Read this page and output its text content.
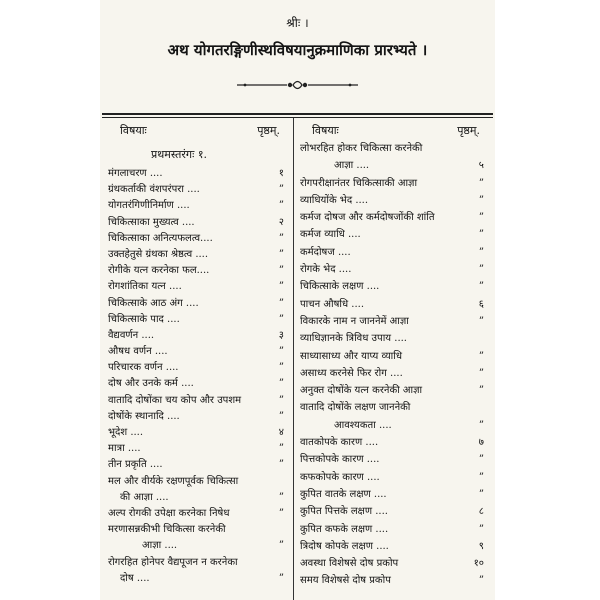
श्रीः ।
अथ योगतरङ्गिणीस्थविषयानुक्रमाणिका प्रारभ्यते ।
विषयाः	पृष्ठम्.
प्रथमस्तरंगः १.
मंगलाचरण ....	१
ग्रंथकर्ताकी वंशपरंपरा ....	”
योगतरंगिणीनिर्माण ....	”
चिकित्साका मुख्यत्व ....	२
चिकित्साका अनित्यफलत्व....	”
उक्तहेतुसे ग्रंथका श्रेष्ठत्व ....	”
रोगीके यत्न करनेका फल....	”
रोगशांतिका यत्न ....	”
चिकित्साके आठ अंग ....	”
चिकित्साके पाद ....	”
वैद्यवर्णन ....	३
औषध वर्णन ....	”
परिचारक वर्णन ....	”
दोष और उनके कर्म ....	”
वातादि दोषोंका चय कोप और उपशम	”
दोषोंके स्थानादि ....	”
भूदेश ....	४
मात्रा ....	”
तीन प्रकृति ....	”
मल और वीर्यके रक्षणपूर्वक चिकित्सा
की आज्ञा ....	”
अल्प रोगकी उपेक्षा करनेका निषेध	”
मरणासन्नकीभी चिकित्सा करनेकी
आज्ञा ....	”
रोगरहित होनेपर वैद्यपूजन न करनेका
दोष ....	”
विषयाः	पृष्ठम्.
लोभरहित होकर चिकित्सा करनेकी
आज्ञा ....	५
रोगपरीक्षानंतर चिकित्साकी आज्ञा	”
व्याधियोंके भेद ....	”
कर्मज दोषज और कर्मदोषजोंकी शांति	”
कर्मज व्याधि ....	”
कर्मदोषज ....	”
रोगके भेद ....	”
चिकित्साके लक्षण ....	”
पाचन औषधि ....	६
विकारके नाम न जाननेमें आज्ञा	”
व्याधिज्ञानके त्रिविध उपाय ....
साध्यासाध्य और याप्य व्याधि	”
असाध्य करनेसे फिर रोग ....	”
अनुक्त दोषोंके यत्न करनेकी आज्ञा	”
वातादि दोषोंके लक्षण जाननेकी
आवश्यकता ....	”
वातकोपके कारण ....	७
पित्तकोपके कारण ....	”
कफकोपके कारण ....	”
कुपित वातके लक्षण ....	”
कुपित पित्तके लक्षण ....	८
कुपित कफके लक्षण ....	”
त्रिदोष कोपके लक्षण ....	९
अवस्था विशेषसे दोष प्रकोप	१०
समय विशेषसे दोष प्रकोप	”
